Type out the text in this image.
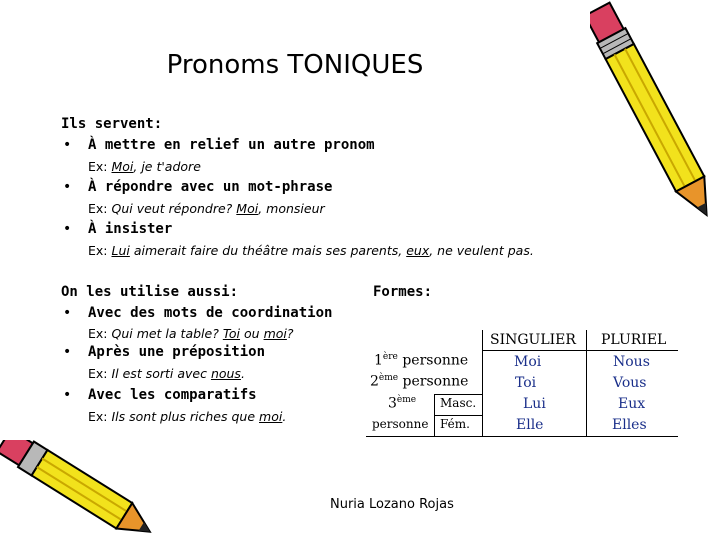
Pronoms TONIQUES
Ils servent:
• À mettre en relief un autre pronom
Ex: Moi, je t'adore
• À répondre avec un mot-phrase
Ex: Qui veut répondre? Moi, monsieur
• À insister
Ex: Lui aimerait faire du théâtre mais ses parents, eux, ne veulent pas.
On les utilise aussi:
• Avec des mots de coordination
Ex: Qui met la table? Toi ou moi?
• Après une préposition
Ex: Il est sorti avec nous.
• Avec les comparatifs
Ex: Ils sont plus riches que moi.
Formes:
SINGULIER PLURIEL
1ère personne	Moi	Nous
2ème personne	Toi	Vous
3ème Masc.	Lui	Eux
personne Fém.	Elle	Elles
Nuria Lozano Rojas
